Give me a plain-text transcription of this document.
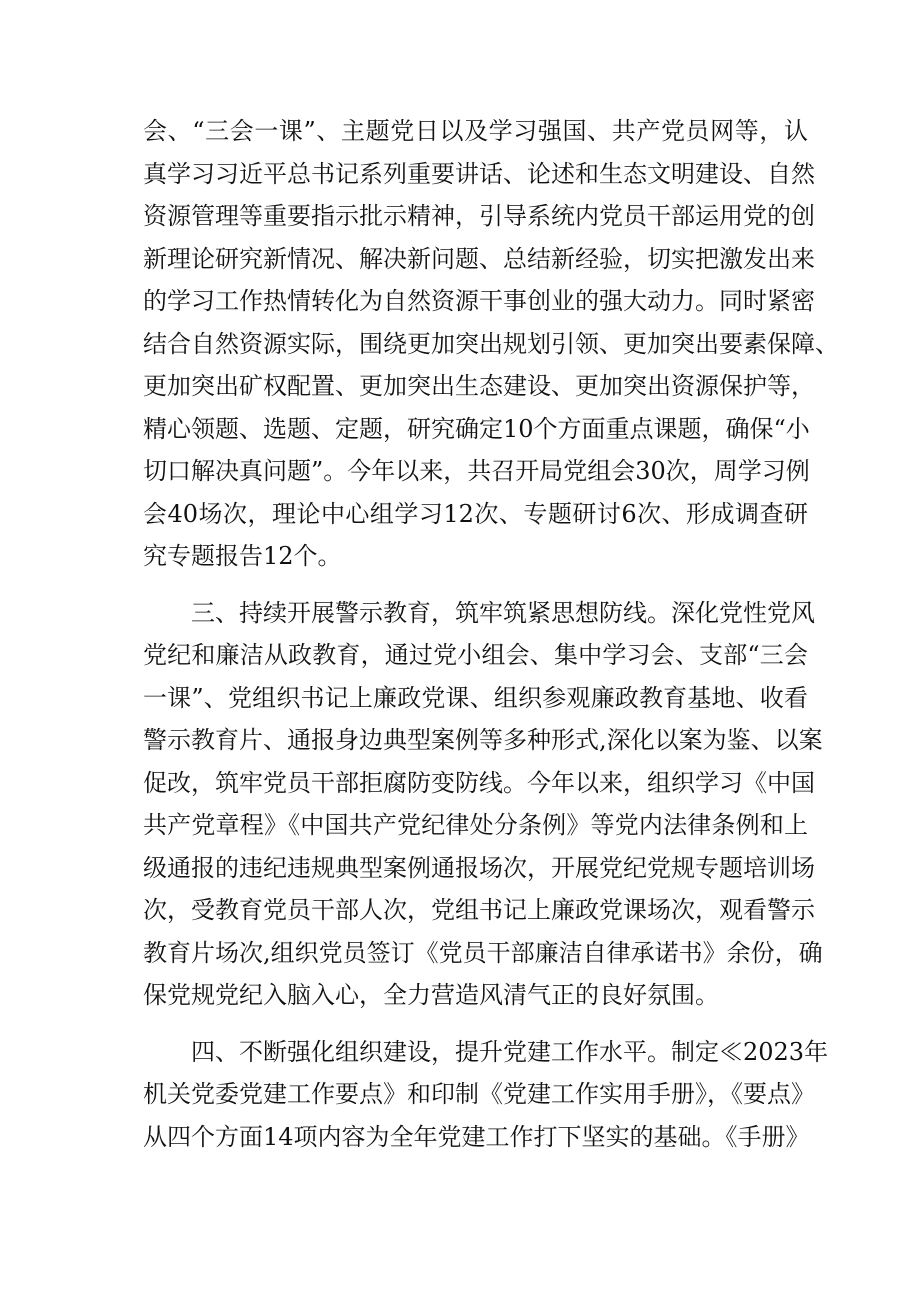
会、“三会一课”、主题党日以及学习强国、共产党员网等，认
真学习习近平总书记系列重要讲话、论述和生态文明建设、自然
资源管理等重要指示批示精神，引导系统内党员干部运用党的创
新理论研究新情况、解决新问题、总结新经验，切实把激发出来
的学习工作热情转化为自然资源干事创业的强大动力。同时紧密
结合自然资源实际，围绕更加突出规划引领、更加突出要素保障、
更加突出矿权配置、更加突出生态建设、更加突出资源保护等，
精心领题、选题、定题，研究确定10个方面重点课题，确保“小
切口解决真问题”。今年以来，共召开局党组会30次，周学习例
会40场次，理论中心组学习12次、专题研讨6次、形成调查研
究专题报告12个。
三、持续开展警示教育，筑牢筑紧思想防线。深化党性党风
党纪和廉洁从政教育，通过党小组会、集中学习会、支部“三会
一课”、党组织书记上廉政党课、组织参观廉政教育基地、收看
警示教育片、通报身边典型案例等多种形式,深化以案为鉴、以案
促改，筑牢党员干部拒腐防变防线。今年以来，组织学习《中国
共产党章程》《中国共产党纪律处分条例》等党内法律条例和上
级通报的违纪违规典型案例通报场次，开展党纪党规专题培训场
次，受教育党员干部人次，党组书记上廉政党课场次，观看警示
教育片场次,组织党员签订《党员干部廉洁自律承诺书》余份，确
保党规党纪入脑入心，全力营造风清气正的良好氛围。
四、不断强化组织建设，提升党建工作水平。制定≪2023年
机关党委党建工作要点》和印制《党建工作实用手册》，《要点》
从四个方面14项内容为全年党建工作打下坚实的基础。《手册》
